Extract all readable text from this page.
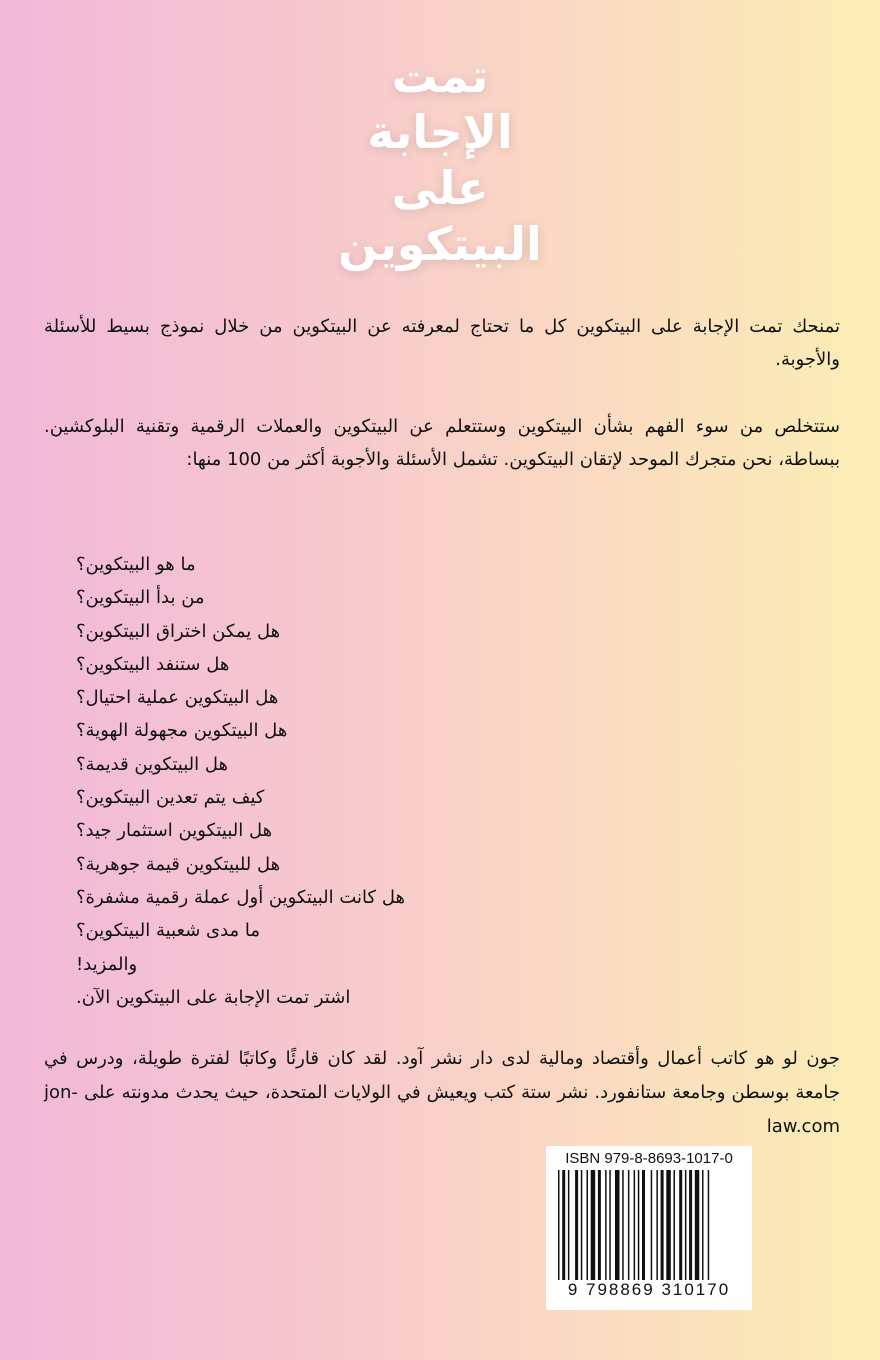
تمت
الإجابة
على
البيتكوين
تمنحك تمت الإجابة على البيتكوين كل ما تحتاج لمعرفته عن البيتكوين من خلال نموذج بسيط للأسئلة والأجوبة.
ستتخلص من سوء الفهم بشأن البيتكوين وستتعلم عن البيتكوين والعملات الرقمية وتقنية البلوكشين. ببساطة، نحن متجرك الموحد لإتقان البيتكوين. تشمل الأسئلة والأجوبة أكثر من 100 منها:
ما هو البيتكوين؟
من بدأ البيتكوين؟
هل يمكن اختراق البيتكوين؟
هل ستنفد البيتكوين؟
هل البيتكوين عملية احتيال؟
هل البيتكوين مجهولة الهوية؟
هل البيتكوين قديمة؟
كيف يتم تعدين البيتكوين؟
هل البيتكوين استثمار جيد؟
هل للبيتكوين قيمة جوهرية؟
هل كانت البيتكوين أول عملة رقمية مشفرة؟
ما مدى شعبية البيتكوين؟
والمزيد!
اشتر تمت الإجابة على البيتكوين الآن.
جون لو هو كاتب أعمال وأقتصاد ومالية لدى دار نشر آود. لقد كان قارئًا وكاتبًا لفترة طويلة، ودرس في جامعة بوسطن وجامعة ستانفورد. نشر ستة كتب ويعيش في الولايات المتحدة، حيث يحدث مدونته على jon-law.com
ISBN 979-8-8693-1017-0
9 798869 310170
